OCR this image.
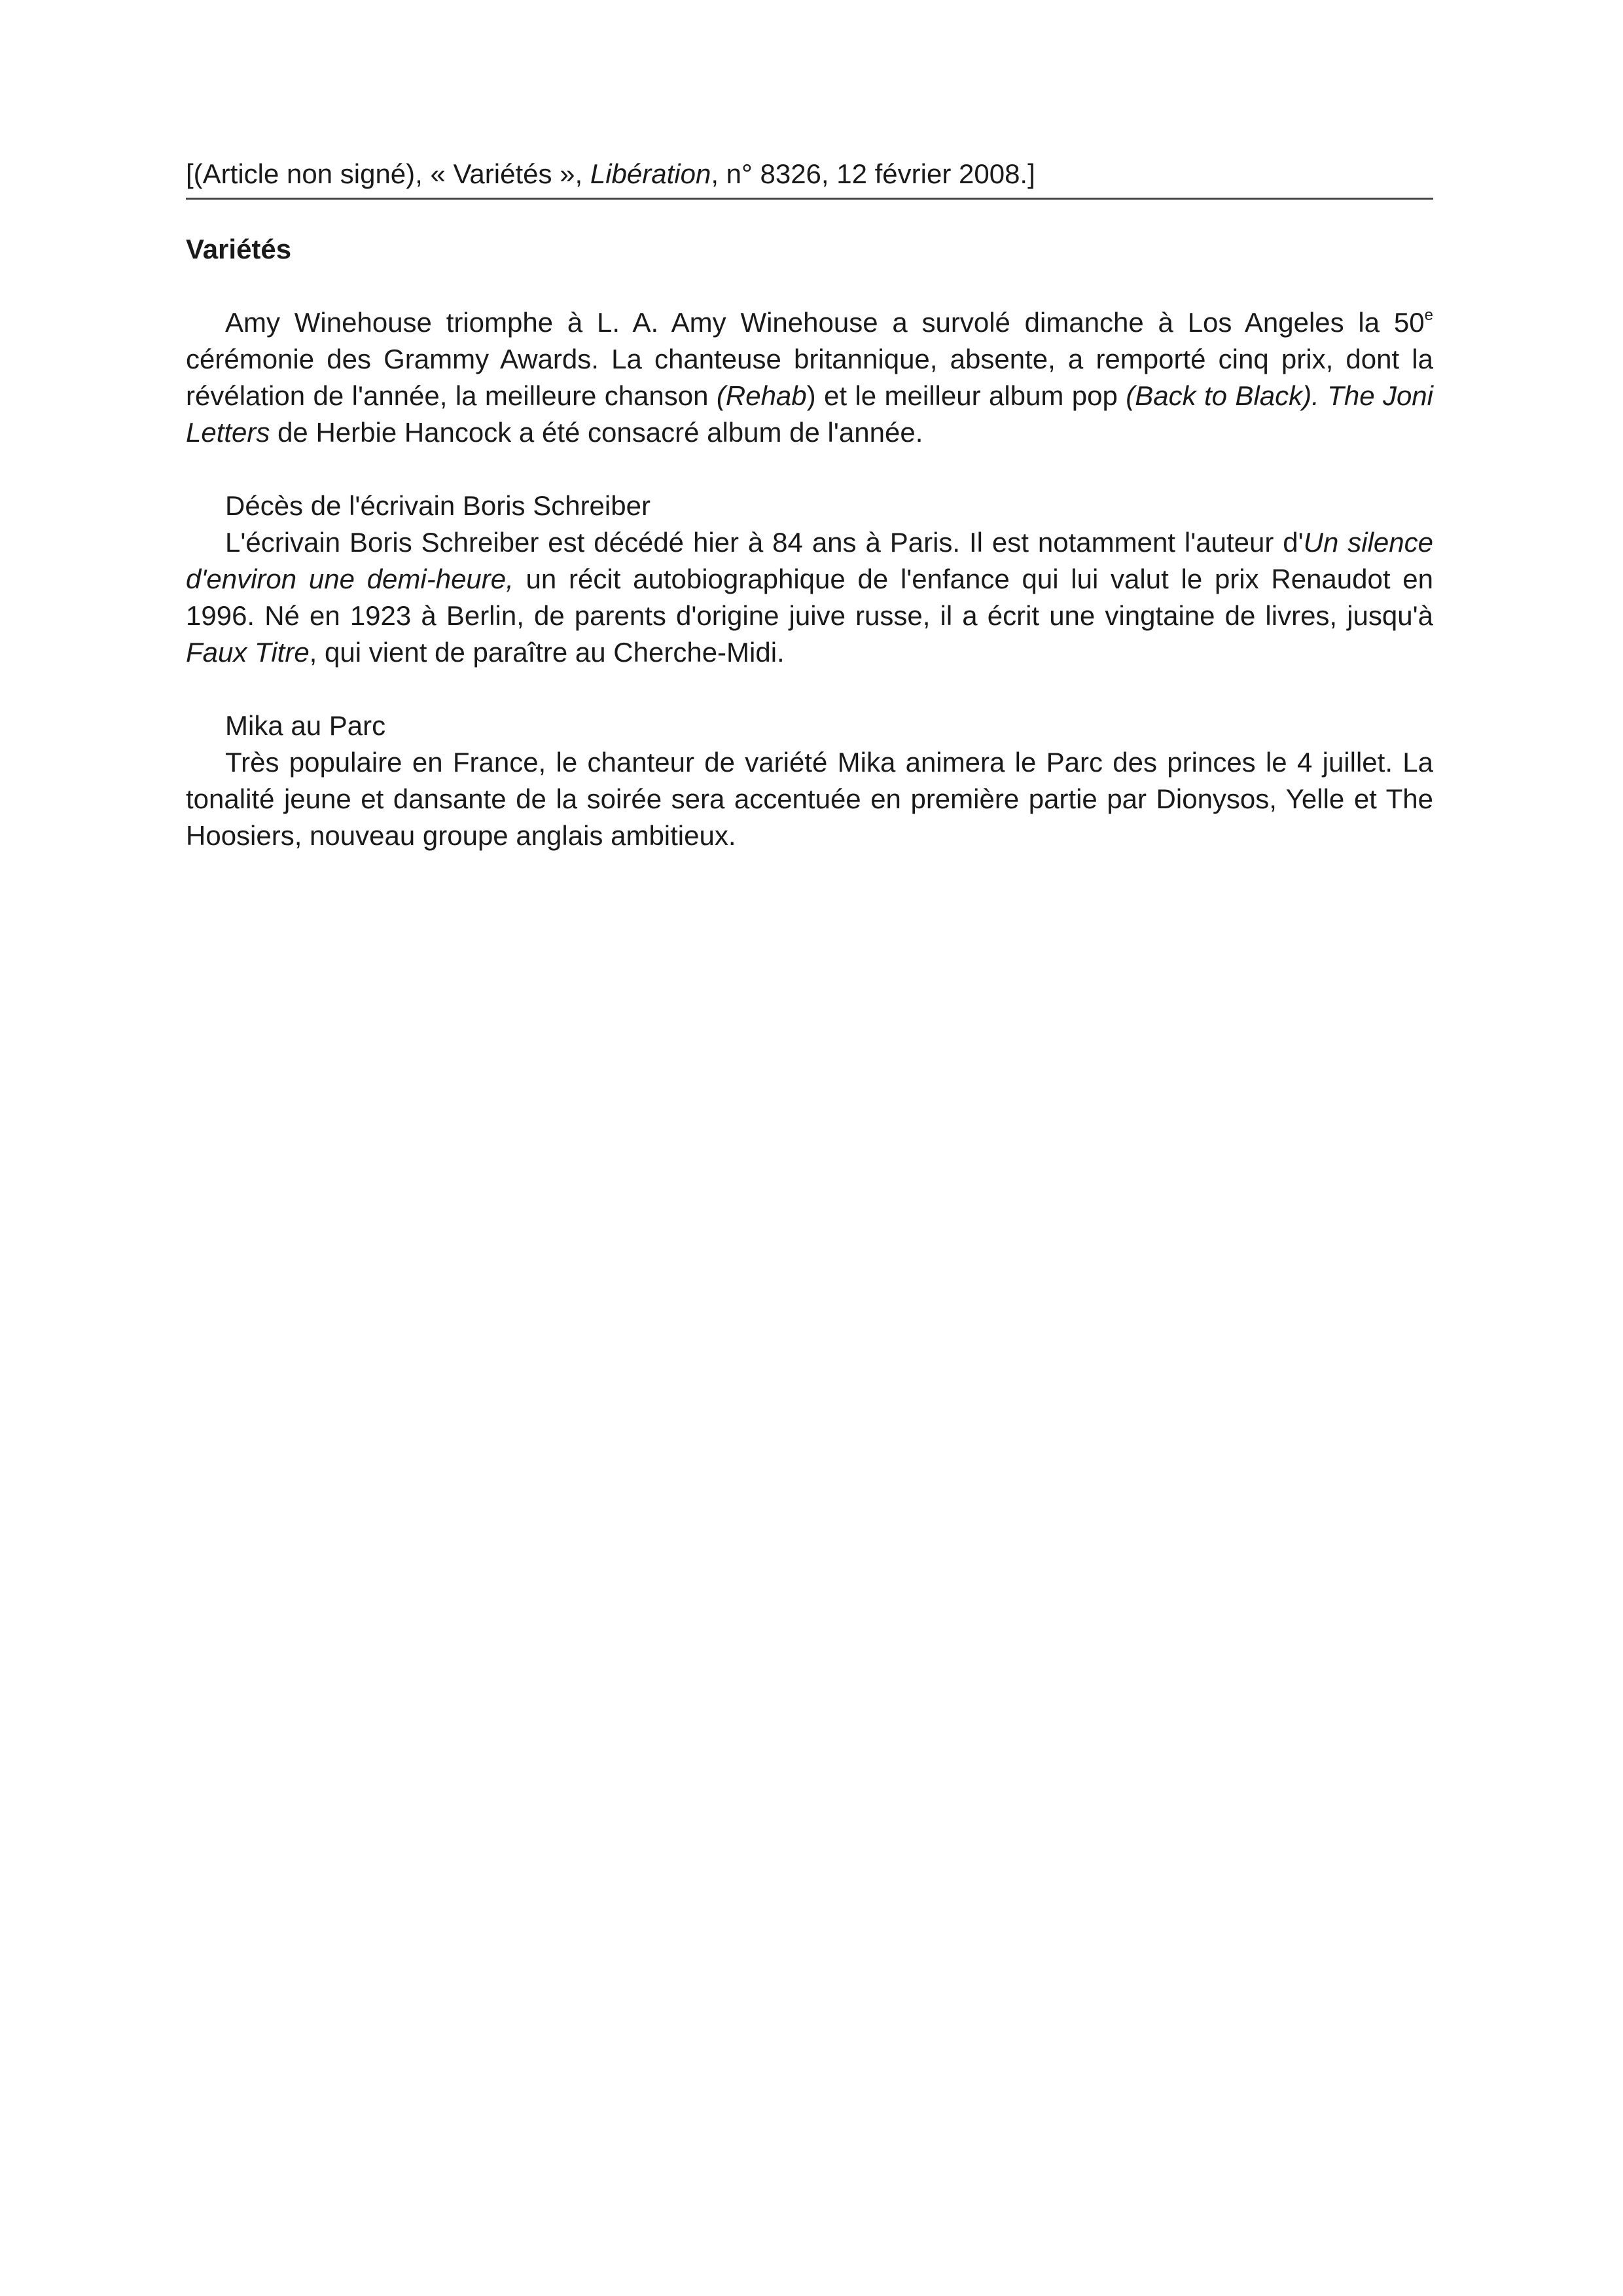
[(Article non signé), « Variétés », Libération, n° 8326, 12 février 2008.]
Variétés

Amy Winehouse triomphe à L. A. Amy Winehouse a survolé dimanche à Los Angeles la 50e cérémonie des Grammy Awards. La chanteuse britannique, absente, a remporté cinq prix, dont la révélation de l'année, la meilleure chanson (Rehab) et le meilleur album pop (Back to Black). The Joni Letters de Herbie Hancock a été consacré album de l'année.

Décès de l'écrivain Boris Schreiber

L'écrivain Boris Schreiber est décédé hier à 84 ans à Paris. Il est notamment l'auteur d'Un silence d'environ une demi-heure, un récit autobiographique de l'enfance qui lui valut le prix Renaudot en 1996. Né en 1923 à Berlin, de parents d'origine juive russe, il a écrit une vingtaine de livres, jusqu'à Faux Titre, qui vient de paraître au Cherche-Midi.

Mika au Parc

Très populaire en France, le chanteur de variété Mika animera le Parc des princes le 4 juillet. La tonalité jeune et dansante de la soirée sera accentuée en première partie par Dionysos, Yelle et The Hoosiers, nouveau groupe anglais ambitieux.
